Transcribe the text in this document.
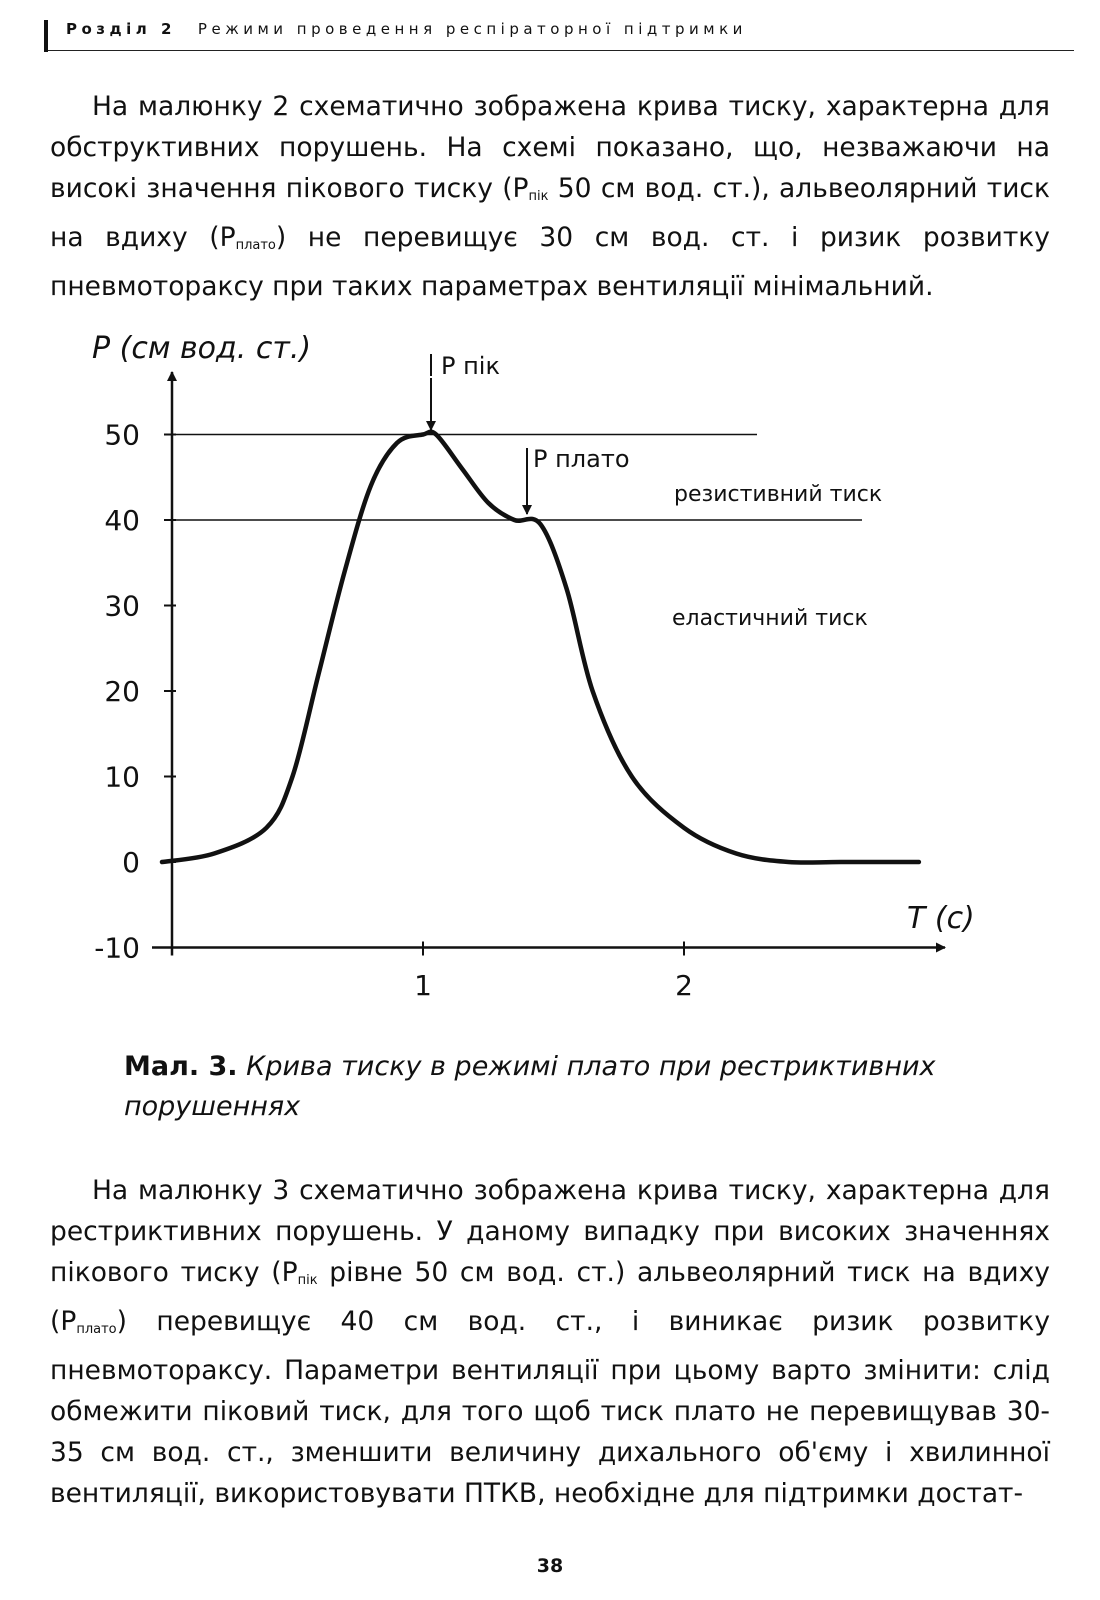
Розділ 2 Режими проведення респіраторної підтримки

На малюнку 2 схематично зображена крива тиску, характерна для обструктивних порушень. На схемі показано, що, незважаючи на високі значення пікового тиску ($P_{пік}$ 50 см вод. ст.), альвеолярний тиск на вдиху $(P_{плато})$ не перевищує 30 см вод. ст. і ризик розвитку пневмотораксу при таких параметрах вентиляції мінімальний.

P (см вод. ст.)
T (с)
50
40
30
20
10
0
-10
1	2
P пік
P плато
резистивний тиск
еластичний тиск
Мал. 3. Крива тиску в режимі плато при рестриктивних порушеннях

На малюнку 3 схематично зображена крива тиску, характерна для рестриктивних порушень. У даному випадку при високих значеннях пікового тиску ($P_{пік}$ рівне 50 см вод. ст.) альвеолярний тиск на вдиху $(P_{плато})$ перевищує 40 см вод. ст., і виникає ризик розвитку пневмотораксу. Параметри вентиляції при цьому варто змінити: слід обмежити піковий тиск, для того щоб тиск плато не перевищував 30-35 см вод. ст., зменшити величину дихального об'єму і хвилинної вентиляції, використовувати ПТКВ, необхідне для підтримки достат-

38
